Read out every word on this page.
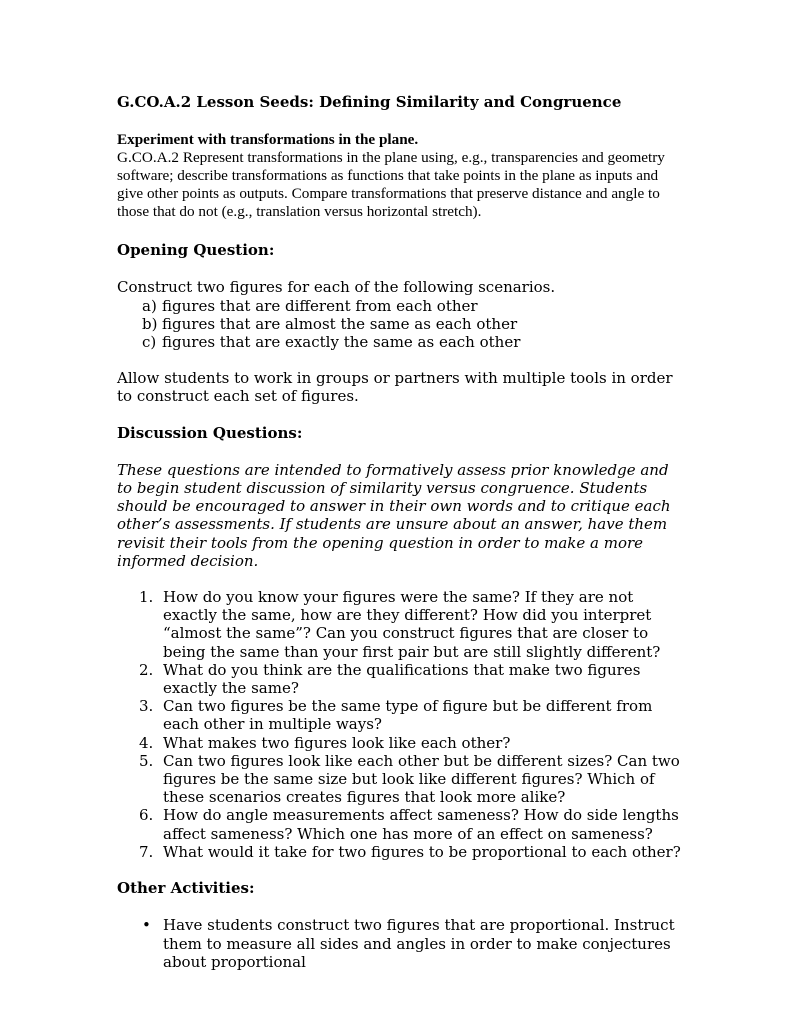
G.CO.A.2 Lesson Seeds: Defining Similarity and Congruence

Experiment with transformations in the plane.
G.CO.A.2 Represent transformations in the plane using, e.g., transparencies and geometry software; describe transformations as functions that take points in the plane as inputs and give other points as outputs. Compare transformations that preserve distance and angle to those that do not (e.g., translation versus horizontal stretch).

Opening Question:

Construct two figures for each of the following scenarios.

a) figures that are different from each other
b) figures that are almost the same as each other
c) figures that are exactly the same as each other

Allow students to work in groups or partners with multiple tools in order to construct each set of figures.

Discussion Questions:

These questions are intended to formatively assess prior knowledge and to begin student discussion of similarity versus congruence. Students should be encouraged to answer in their own words and to critique each other’s assessments. If students are unsure about an answer, have them revisit their tools from the opening question in order to make a more informed decision.

1. How do you know your figures were the same? If they are not exactly the same, how are they different? How did you interpret “almost the same”? Can you construct figures that are closer to being the same than your first pair but are still slightly different?
2. What do you think are the qualifications that make two figures exactly the same?
3. Can two figures be the same type of figure but be different from each other in multiple ways?
4. What makes two figures look like each other?
5. Can two figures look like each other but be different sizes? Can two figures be the same size but look like different figures? Which of these scenarios creates figures that look more alike?
6. How do angle measurements affect sameness? How do side lengths affect sameness? Which one has more of an effect on sameness?
7. What would it take for two figures to be proportional to each other?

Other Activities:

• Have students construct two figures that are proportional. Instruct them to measure all sides and angles in order to make conjectures about proportional
